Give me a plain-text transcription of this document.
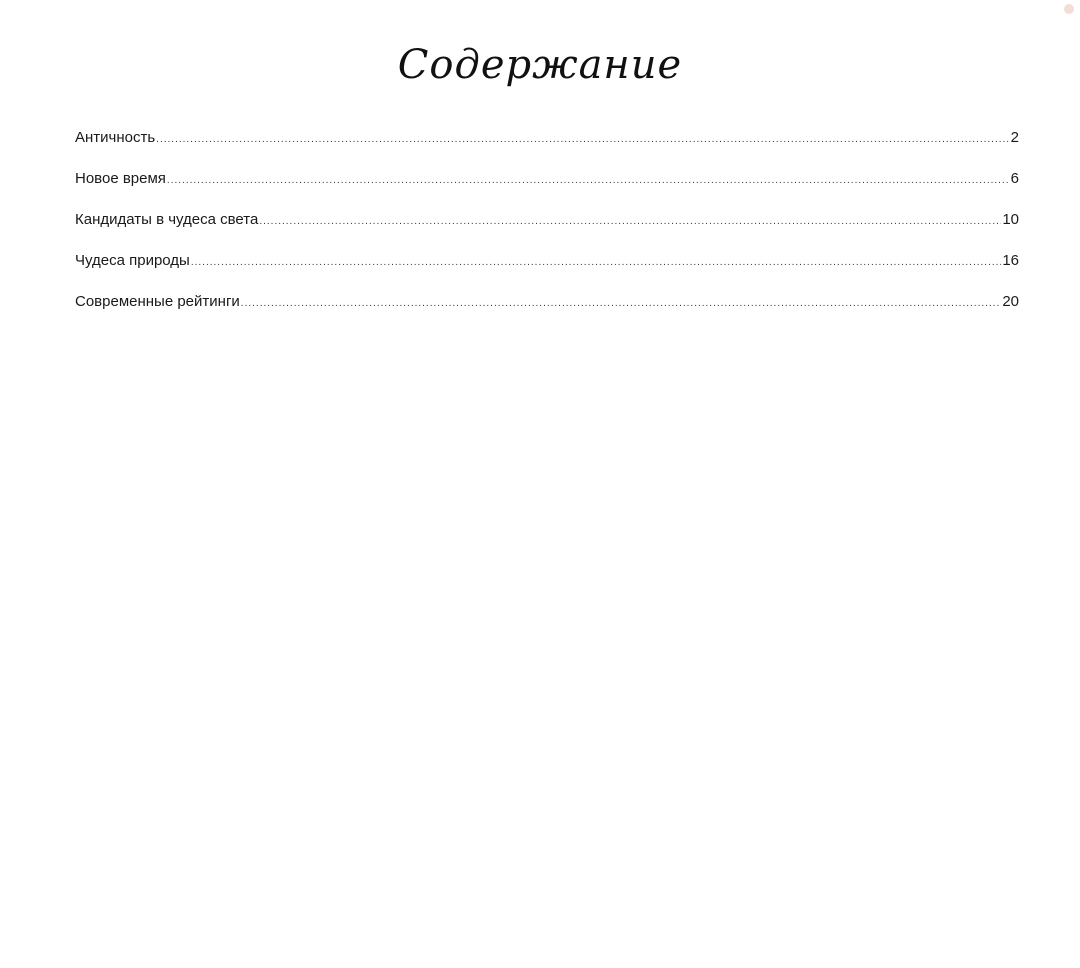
Содержание
Античность .....	2
Новое время .....	6
Кандидаты в чудеса света .....	10
Чудеса природы .....	16
Современные рейтинги .....	20
